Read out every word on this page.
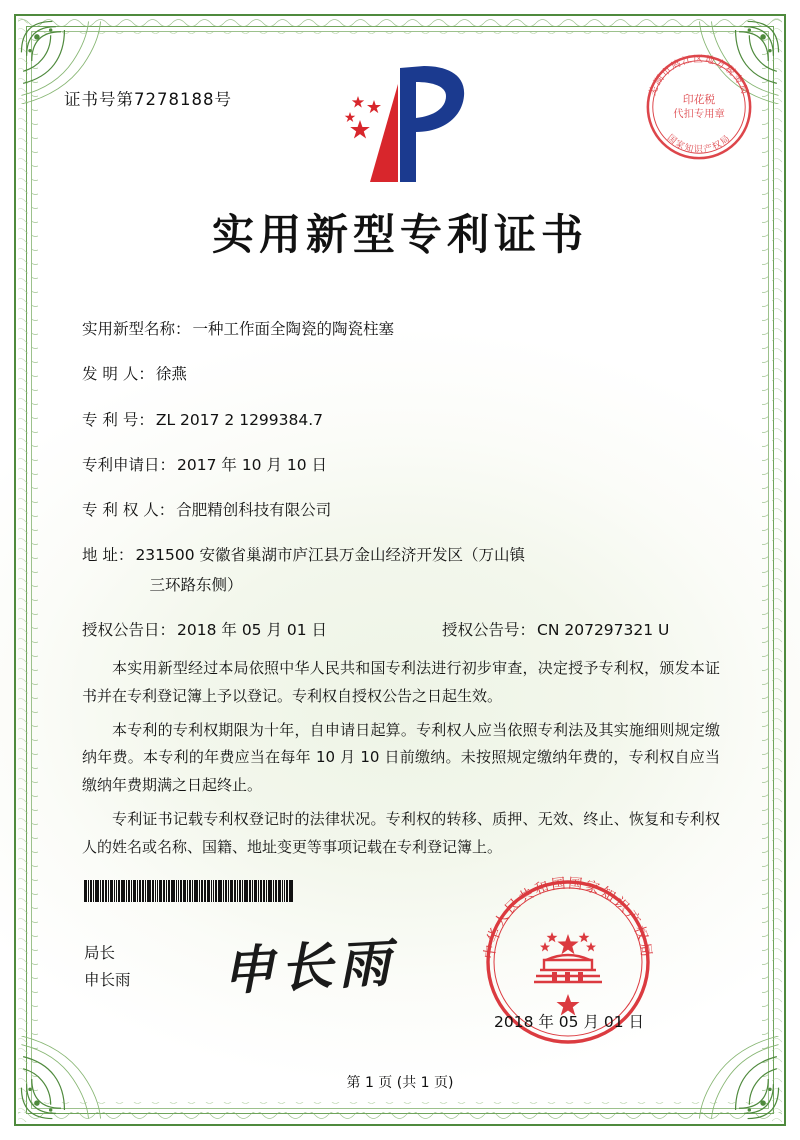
证书号第7278188号	芜湖市鸠江区地方税务局
国家知识产权局
印花税
代扣专用章
实用新型专利证书
实用新型名称： 一种工作面全陶瓷的陶瓷柱塞
发 明 人： 徐燕
专 利 号： ZL 2017 2 1299384.7
专利申请日： 2017 年 10 月 10 日
专 利 权 人： 合肥精创科技有限公司
地 址： 231500 安徽省巢湖市庐江县万金山经济开发区（万山镇
三环路东侧）
授权公告日： 2018 年 05 月 01 日	授权公告号： CN 207297321 U

本实用新型经过本局依照中华人民共和国专利法进行初步审查，决定授予专利权，颁发本证书并在专利登记簿上予以登记。专利权自授权公告之日起生效。

本专利的专利权期限为十年，自申请日起算。专利权人应当依照专利法及其实施细则规定缴纳年费。本专利的年费应当在每年 10 月 10 日前缴纳。未按照规定缴纳年费的，专利权自应当缴纳年费期满之日起终止。

专利证书记载专利权登记时的法律状况。专利权的转移、质押、无效、终止、恢复和专利权人的姓名或名称、国籍、地址变更等事项记载在专利登记簿上。

局长
申长雨 申长雨	中华人民共和国国家知识产权局
2018 年 05 月 01 日
第 1 页 (共 1 页)
